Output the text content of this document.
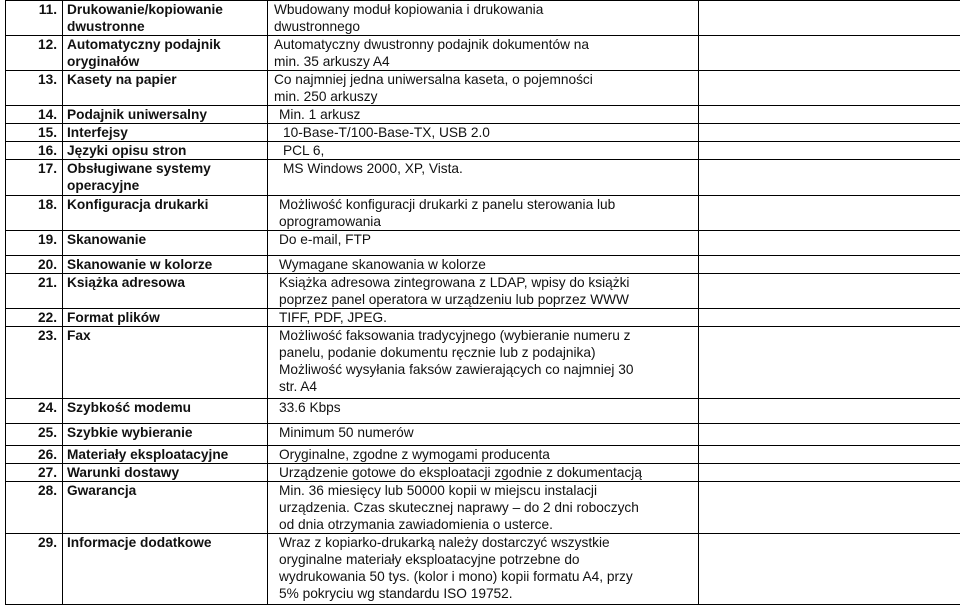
11.	Drukowanie/kopiowanie
dwustronne	Wbudowany moduł kopiowania i drukowania
dwustronnego	

12.	Automatyczny podajnik
oryginałów	Automatyczny dwustronny podajnik dokumentów na
min. 35 arkuszy A4	

13.	Kasety na papier	Co najmniej jedna uniwersalna kaseta, o pojemności
min. 250 arkuszy	

14.	Podajnik uniwersalny	Min. 1 arkusz	

15.	Interfejsy	10-Base-T/100-Base-TX, USB 2.0	

16.	Języki opisu stron	PCL 6,	

17.	Obsługiwane systemy
operacyjne	MS Windows 2000, XP, Vista.	

18.	Konfiguracja drukarki	Możliwość konfiguracji drukarki z panelu sterowania lub
oprogramowania	

19.	Skanowanie	Do e-mail, FTP	

20.	Skanowanie w kolorze	Wymagane skanowania w kolorze	

21.	Książka adresowa	Książka adresowa zintegrowana z LDAP, wpisy do książki
poprzez panel operatora w urządzeniu lub poprzez WWW	

22.	Format plików	TIFF, PDF, JPEG.	

23.	Fax	Możliwość faksowania tradycyjnego (wybieranie numeru z
panelu, podanie dokumentu ręcznie lub z podajnika)
Możliwość wysyłania faksów zawierających co najmniej 30
str. A4	

24.	Szybkość modemu	33.6 Kbps	

25.	Szybkie wybieranie	Minimum 50 numerów	

26.	Materiały eksploatacyjne	Oryginalne, zgodne z wymogami producenta	

27.	Warunki dostawy	Urządzenie gotowe do eksploatacji zgodnie z dokumentacją	

28.	Gwarancja	Min. 36 miesięcy lub 50000 kopii w miejscu instalacji
urządzenia. Czas skutecznej naprawy – do 2 dni roboczych
od dnia otrzymania zawiadomienia o usterce.	

29.	Informacje dodatkowe	Wraz z kopiarko-drukarką należy dostarczyć wszystkie
oryginalne materiały eksploatacyjne potrzebne do
wydrukowania 50 tys. (kolor i mono) kopii formatu A4, przy
5% pokryciu wg standardu ISO 19752.	
